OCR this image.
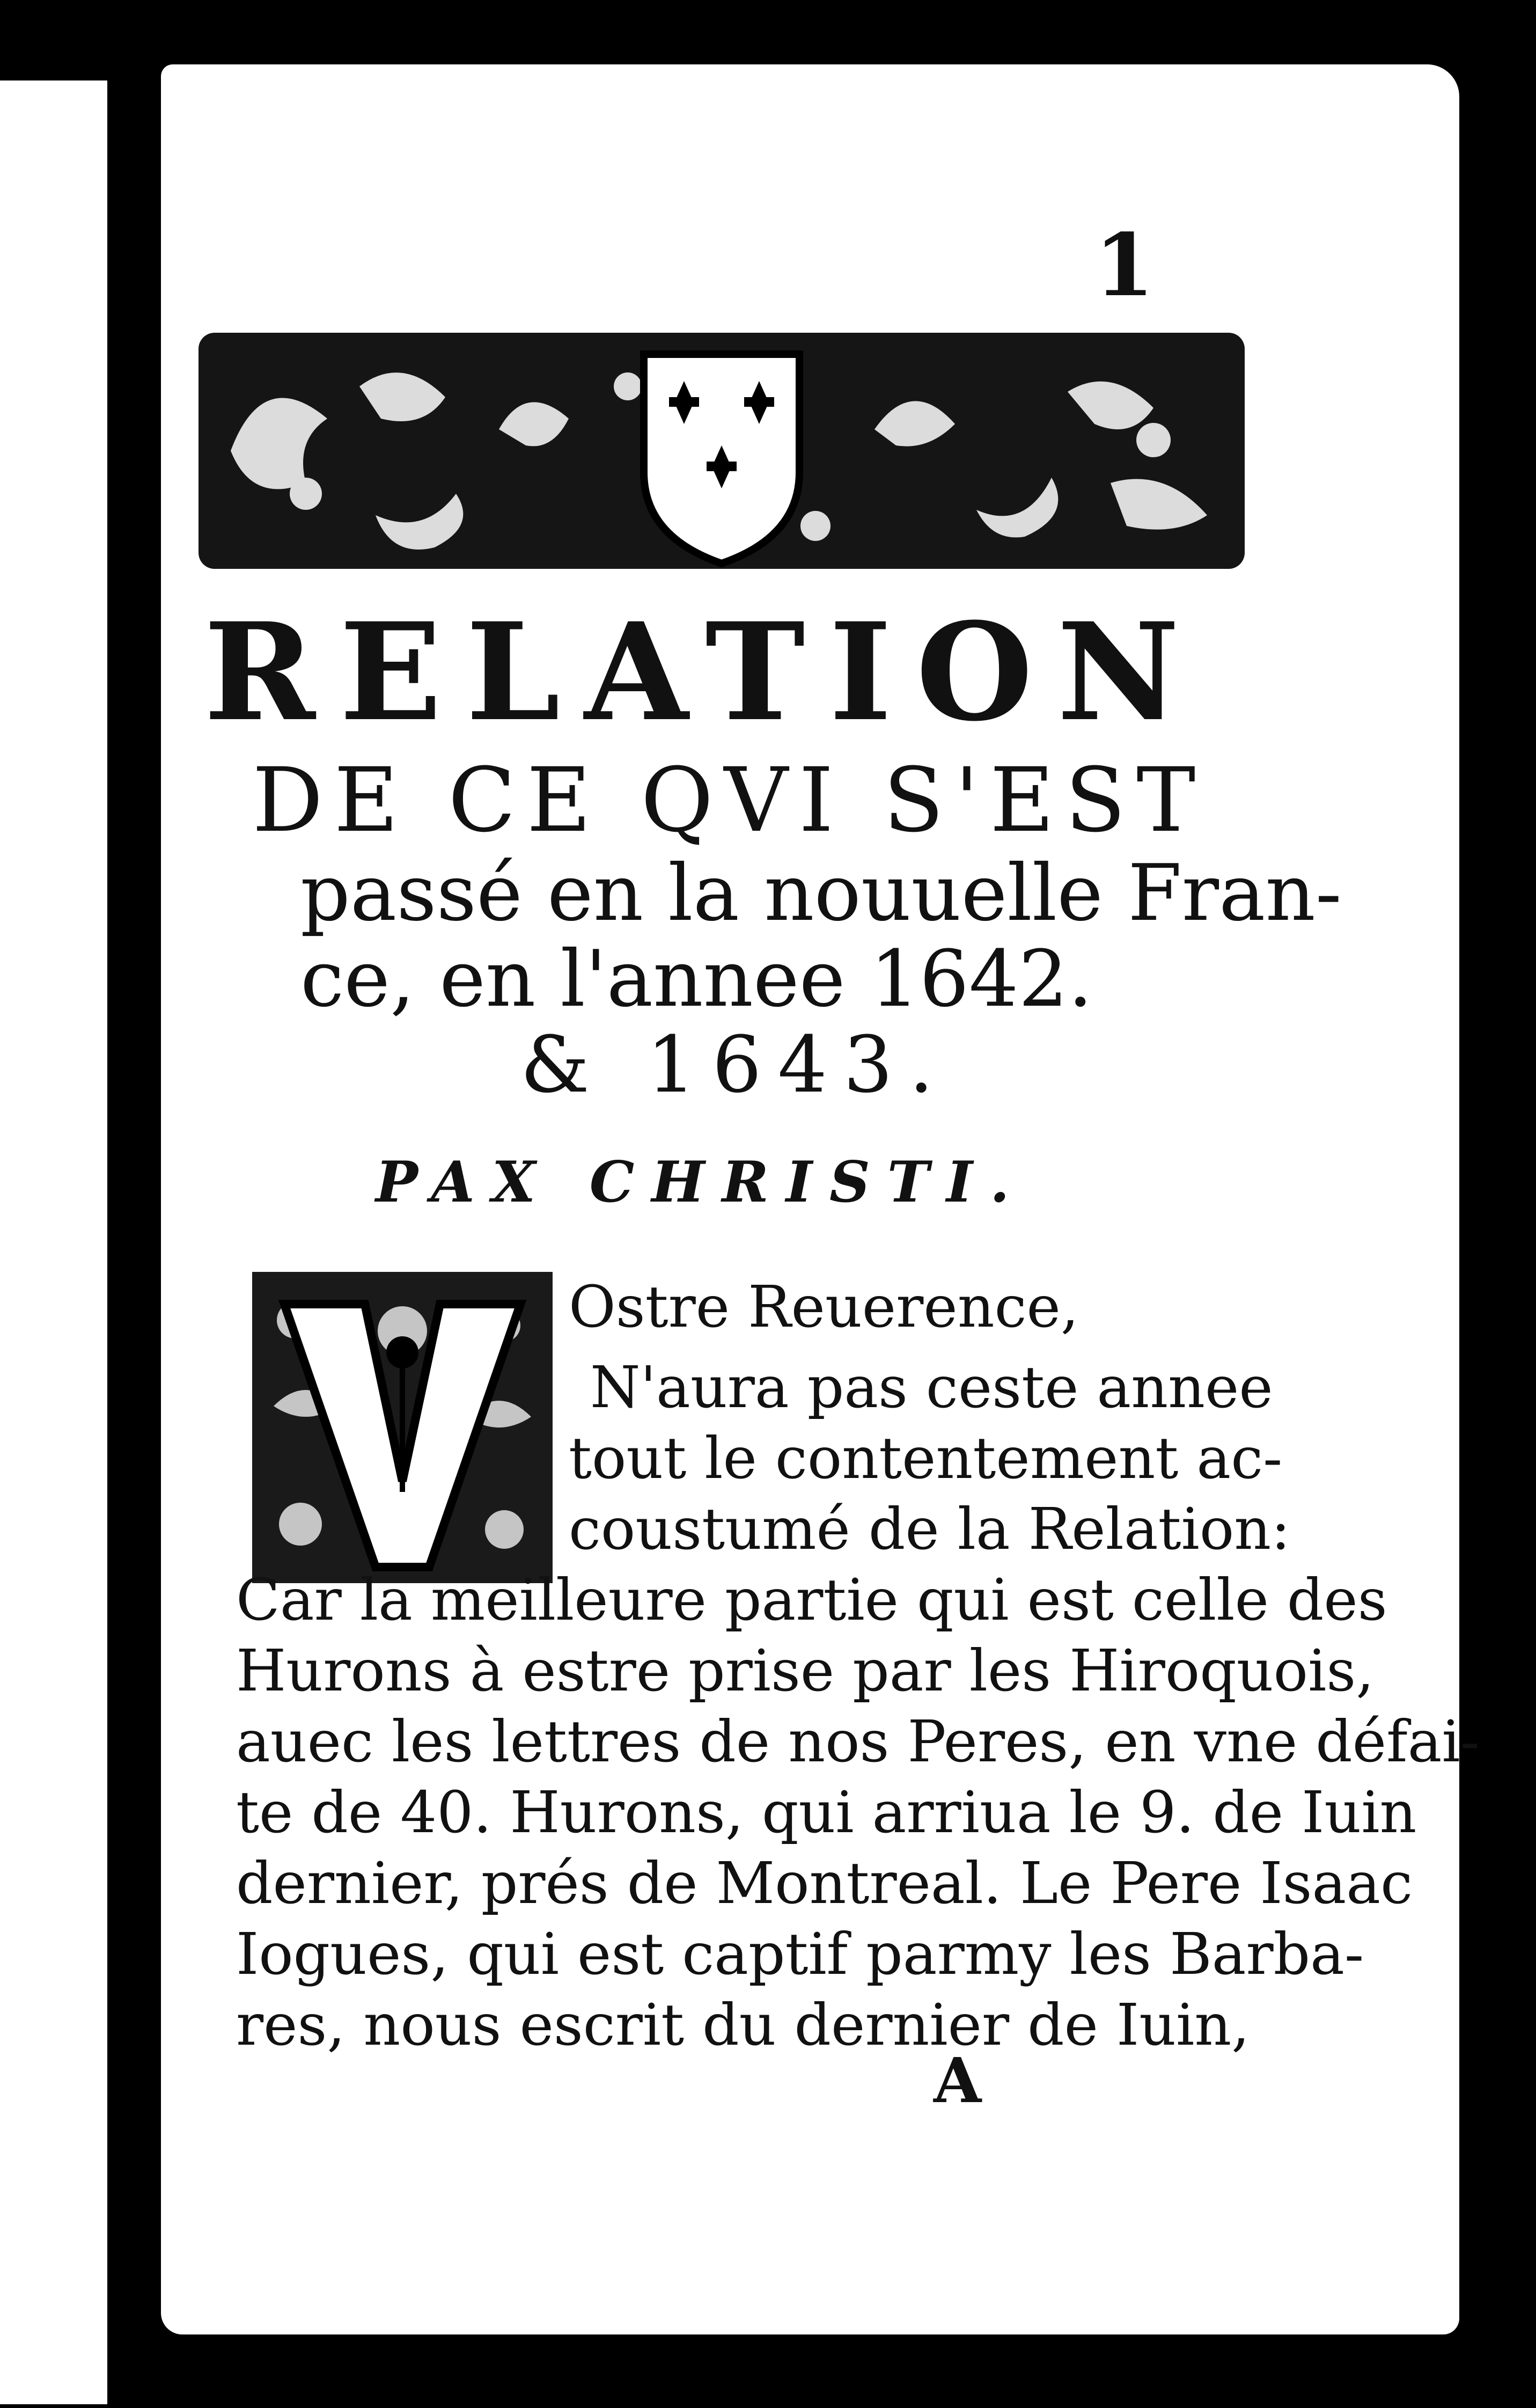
1
RELATION
DE CE QVI S'EST
passé en la nouuelle Fran-
ce, en l'annee 1642.
& 1643.
PAX CHRISTI.
Ostre Reuerence,
N'aura pas ceste annee
tout le contentement ac-
coustumé de la Relation:
Car la meilleure partie qui est celle des
Hurons à estre prise par les Hiroquois,
auec les lettres de nos Peres, en vne défai-
te de 40. Hurons, qui arriua le 9. de Iuin
dernier, prés de Montreal. Le Pere Isaac
Iogues, qui est captif parmy les Barba-
res, nous escrit du dernier de Iuin,
A
